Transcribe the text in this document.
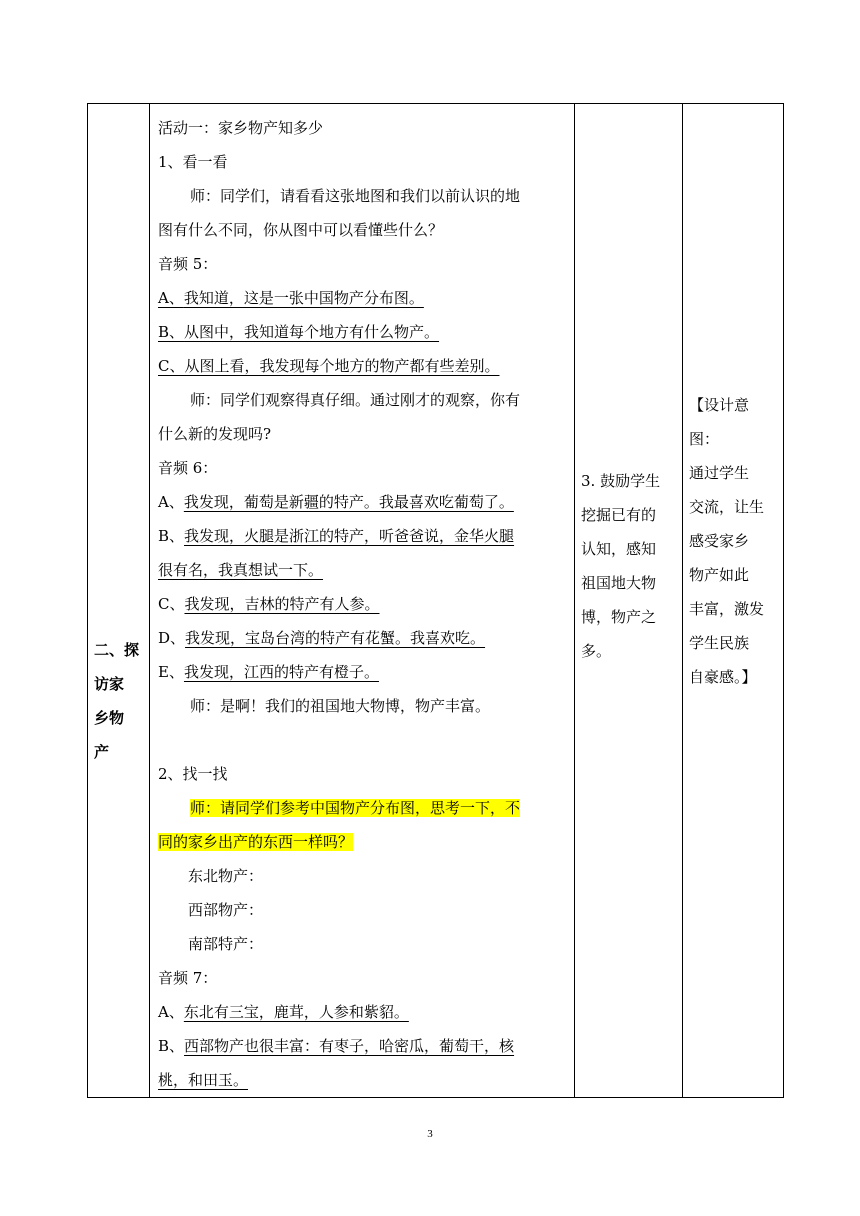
二、探
访家
乡物
产

活动一：家乡物产知多少
1、看一看
师：同学们，请看看这张地图和我们以前认识的地
图有什么不同，你从图中可以看懂些什么？
音频 5：
A、我知道，这是一张中国物产分布图。
B、从图中，我知道每个地方有什么物产。
C、从图上看，我发现每个地方的物产都有些差别。
师：同学们观察得真仔细。通过刚才的观察，你有
什么新的发现吗?
音频 6：
A、我发现，葡萄是新疆的特产。我最喜欢吃葡萄了。
B、我发现，火腿是浙江的特产，听爸爸说，金华火腿
很有名，我真想试一下。
C、我发现，吉林的特产有人参。
D、我发现，宝岛台湾的特产有花蟹。我喜欢吃。
E、我发现，江西的特产有橙子。
师：是啊！我们的祖国地大物博，物产丰富。

2、找一找
师：请同学们参考中国物产分布图，思考一下，不
同的家乡出产的东西一样吗？
东北物产：
西部物产：
南部特产：
音频 7：
A、东北有三宝，鹿茸，人参和紫貂。
B、西部物产也很丰富：有枣子，哈密瓜，葡萄干，核
桃，和田玉。

3. 鼓励学生
挖掘已有的
认知，感知
祖国地大物
博，物产之
多。

【设计意
图：
通过学生
交流，让生
感受家乡
物产如此
丰富，激发
学生民族
自豪感。】
3
